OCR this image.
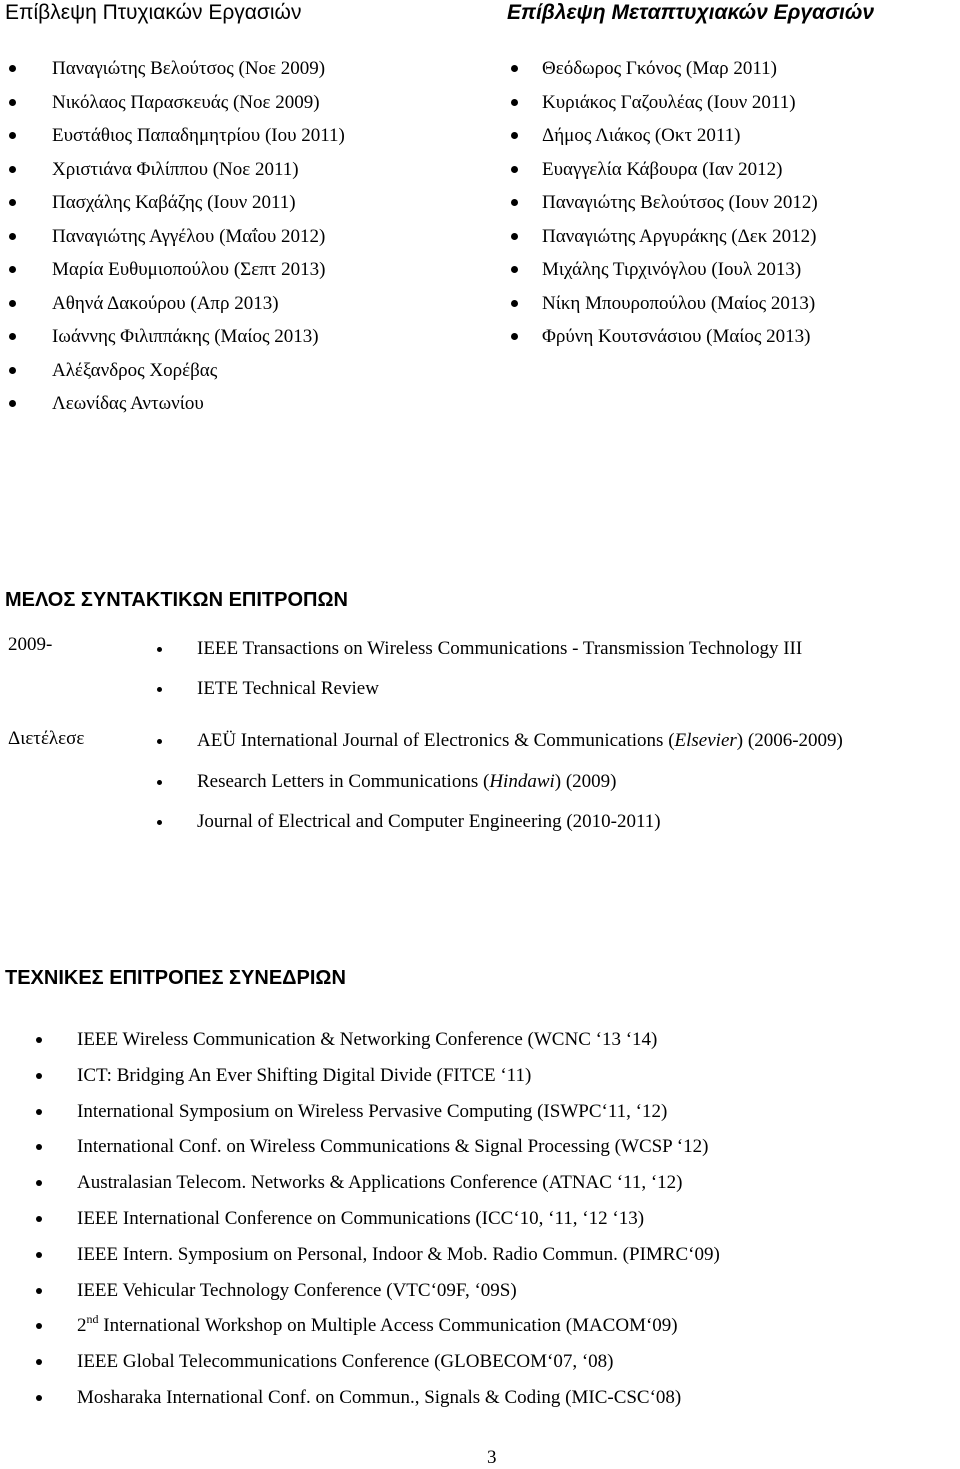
Επίβλεψη Πτυχιακών Εργασιών
Παναγιώτης Βελούτσος (Νοε 2009)
Νικόλαος Παρασκευάς (Νοε 2009)
Ευστάθιος Παπαδημητρίου (Ιου 2011)
Χριστιάνα Φιλίππου (Νοε 2011)
Πασχάλης Καβάζης (Ιουν 2011)
Παναγιώτης Αγγέλου (Μαΐου 2012)
Μαρία Ευθυμιοπούλου (Σεπτ 2013)
Αθηνά Δακούρου (Απρ 2013)
Ιωάννης Φιλιππάκης (Μαίος 2013)
Αλέξανδρος Χορέβας
Λεωνίδας Αντωνίου
Επίβλεψη Μεταπτυχιακών Εργασιών
Θεόδωρος Γκόνος (Μαρ 2011)
Κυριάκος Γαζουλέας (Ιουν 2011)
Δήμος Λιάκος (Οκτ 2011)
Ευαγγελία Κάβουρα (Ιαν 2012)
Παναγιώτης Βελούτσος (Ιουν 2012)
Παναγιώτης Αργυράκης (Δεκ 2012)
Μιχάλης Τιρχινόγλου (Ιουλ 2013)
Νίκη Μπουροπούλου (Μαίος 2013)
Φρύνη Κουτσνάσιου (Μαίος 2013)
ΜΕΛΟΣ ΣΥΝΤΑΚΤΙΚΩΝ ΕΠΙΤΡΟΠΩΝ
2009-	IEEE Transactions on Wireless Communications - Transmission Technology III
IETE Technical Review
Διετέλεσε	AEÜ International Journal of Electronics & Communications (Elsevier) (2006-2009)
Research Letters in Communications (Hindawi) (2009)
Journal of Electrical and Computer Engineering (2010-2011)
ΤΕΧΝΙΚΕΣ ΕΠΙΤΡΟΠΕΣ ΣΥΝΕΔΡΙΩΝ
IEEE Wireless Communication & Networking Conference (WCNC ‘13 ‘14)
ICT: Bridging An Ever Shifting Digital Divide (FITCE ‘11)
International Symposium on Wireless Pervasive Computing (ISWPC‘11, ‘12)
International Conf. on Wireless Communications & Signal Processing (WCSP ‘12)
Australasian Telecom. Networks & Applications Conference (ATNAC ‘11, ‘12)
IEEE International Conference on Communications (ICC‘10, ‘11, ‘12 ‘13)
IEEE Intern. Symposium on Personal, Indoor & Mob. Radio Commun. (PIMRC‘09)
IEEE Vehicular Technology Conference (VTC‘09F, ‘09S)
2nd International Workshop on Multiple Access Communication (MACOM‘09)
IEEE Global Telecommunications Conference (GLOBECOM‘07, ‘08)
Mosharaka International Conf. on Commun., Signals & Coding (MIC-CSC‘08)
3
